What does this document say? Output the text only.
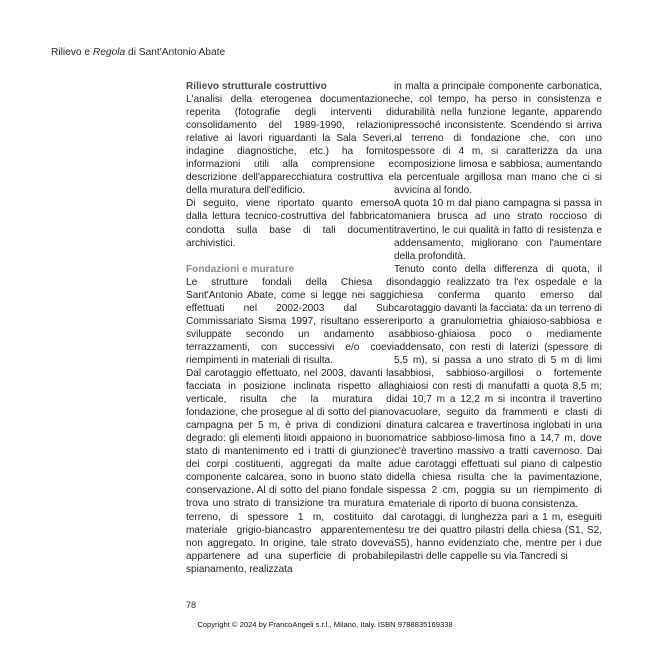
Rilievo e Regola di Sant'Antonio Abate

Rilievo strutturale costruttivo

L'analisi della eterogenea documentazione reperita (fotografie degli interventi di consolidamento del 1989-1990, relazioni relative ai lavori riguardanti la Sala Severi, indagine diagnostiche, etc.) ha fornito informazioni utili alla comprensione e descrizione dell'apparecchiatura costruttiva e della muratura dell'edificio.

Di seguito, viene riportato quanto emerso dalla lettura tecnico-costruttiva del fabbricato condotta sulla base di tali documenti archivistici.

Fondazioni e murature

Le strutture fondali della Chiesa di Sant'Antonio Abate, come si legge nei saggi effettuati nel 2002-2003 dal Sub Commissariato Sisma 1997, risultano essere sviluppate secondo un andamento a terrazzamenti, con successivi e/o coevi riempimenti in materiali di risulta.

Dal carotaggio effettuato, nel 2003, davanti la facciata in posizione inclinata rispetto alla verticale, risulta che la muratura di fondazione, che prosegue al di sotto del piano campagna per 5 m, è priva di condizioni di degrado: gli elementi litoidi appaiono in buono stato di mantenimento ed i tratti di giunzione dei corpi costituenti, aggregati da malte a componente calcarea, sono in buono stato di conservazione. Al di sotto del piano fondale si trova uno strato di transizione tra muratura e terreno, di spessore 1 m, costituito da materiale grigio-biancastro apparentemente non aggregato. In origine, tale strato doveva appartenere ad una superficie di probabile spianamento, realizzata

in malta a principale componente carbonatica, che, col tempo, ha perso in consistenza e durabilità nella funzione legante, apparendo pressoché inconsistente. Scendendo si arriva al terreno di fondazione che, con uno spessore di 4 m, si caratterizza da una composizione limosa e sabbiosa, aumentando la percentuale argillosa man mano che ci si avvicina al fondo.

A quota 10 m dal piano campagna si passa in maniera brusca ad uno strato roccioso di travertino, le cui qualità in fatto di resistenza e addensamento, migliorano con l'aumentare della profondità.

Tenuto conto della differenza di quota, il sondaggio realizzato tra l'ex ospedale e la chiesa conferma quanto emerso dal carotaggio davanti la facciata: da un terreno di riporto a granulometria ghiaioso-sabbiosa e sabbioso-ghiaiosa poco o mediamente addensato, con resti di laterizi (spessore di 5,5 m), si passa a uno strato di 5 m di limi sabbiosi, sabbioso-argillosi o fortemente ghiaiosi con resti di manufatti a quota 8,5 m; dai 10,7 m a 12,2 m si incontra il travertino vacuolare, seguito da frammenti e clasti di natura calcarea e travertinosa inglobati in una matrice sabbioso-limosa fino a 14,7 m, dove c'è travertino massivo a tratti cavernoso. Dai due carotaggi effettuati sul piano di calpestio della chiesa risulta che la pavimentazione, spessa 2 cm, poggia su un riempimento di materiale di riporto di buona consistenza.

I carotaggi, di lunghezza pari a 1 m, eseguiti su tre dei quattro pilastri della chiesa (S1, S2, S5), hanno evidenziato che, mentre per i due pilastri delle cappelle su via Tancredi si

78
Copyright © 2024 by FrancoAngeli s.r.l., Milano, Italy. ISBN 9788835169338
